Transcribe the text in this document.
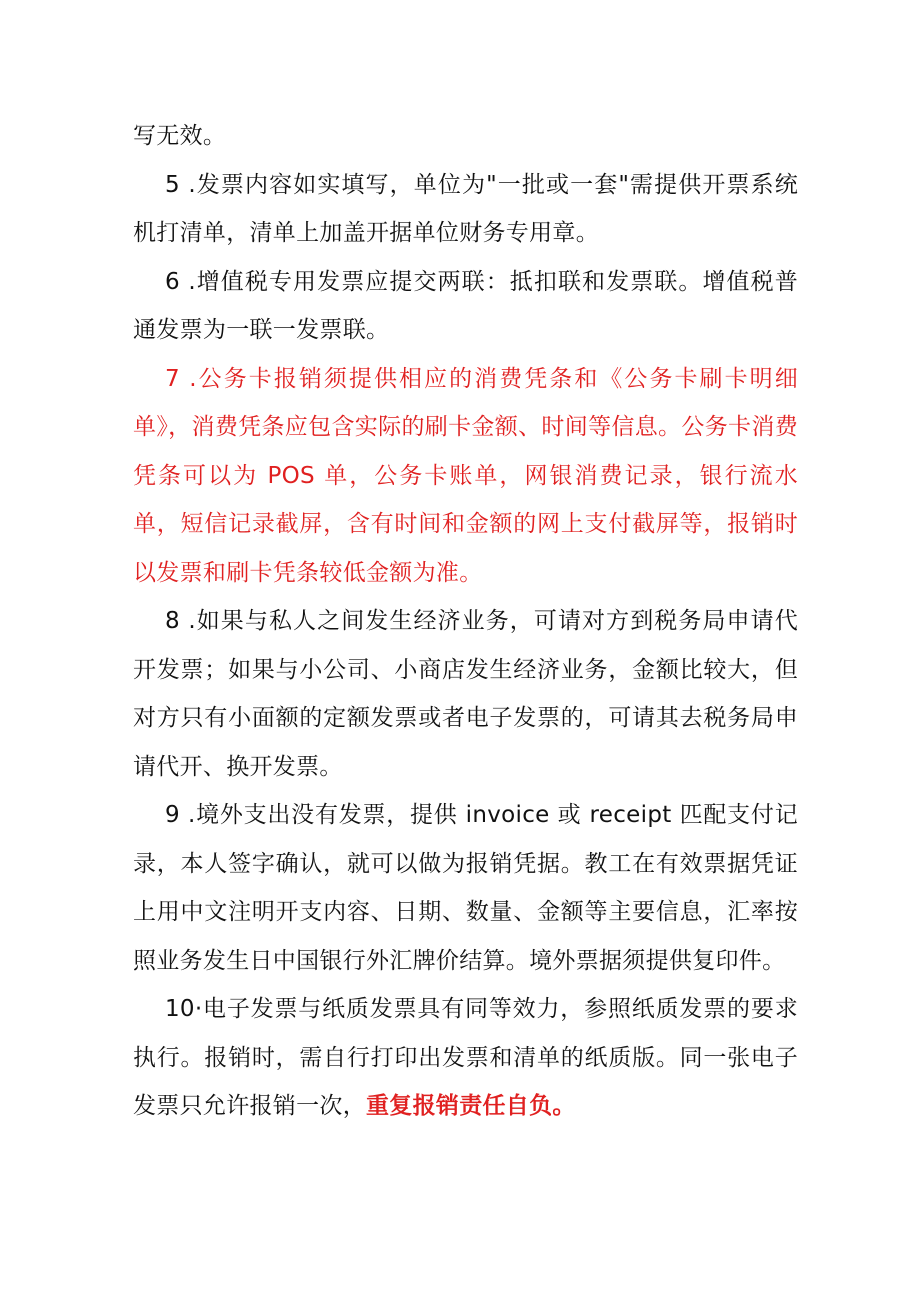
写无效。

5 .发票内容如实填写，单位为"一批或一套"需提供开票系统机打清单，清单上加盖开据单位财务专用章。

6 .增值税专用发票应提交两联：抵扣联和发票联。增值税普通发票为一联一发票联。

7 .公务卡报销须提供相应的消费凭条和《公务卡刷卡明细单》，消费凭条应包含实际的刷卡金额、时间等信息。公务卡消费凭条可以为 POS 单，公务卡账单，网银消费记录，银行流水单，短信记录截屏，含有时间和金额的网上支付截屏等，报销时以发票和刷卡凭条较低金额为准。

8 .如果与私人之间发生经济业务，可请对方到税务局申请代开发票；如果与小公司、小商店发生经济业务，金额比较大，但对方只有小面额的定额发票或者电子发票的，可请其去税务局申请代开、换开发票。

9 .境外支出没有发票，提供 invoice 或 receipt 匹配支付记录，本人签字确认，就可以做为报销凭据。教工在有效票据凭证上用中文注明开支内容、日期、数量、金额等主要信息，汇率按照业务发生日中国银行外汇牌价结算。境外票据须提供复印件。

10·电子发票与纸质发票具有同等效力，参照纸质发票的要求执行。报销时，需自行打印出发票和清单的纸质版。同一张电子发票只允许报销一次，重复报销责任自负。
